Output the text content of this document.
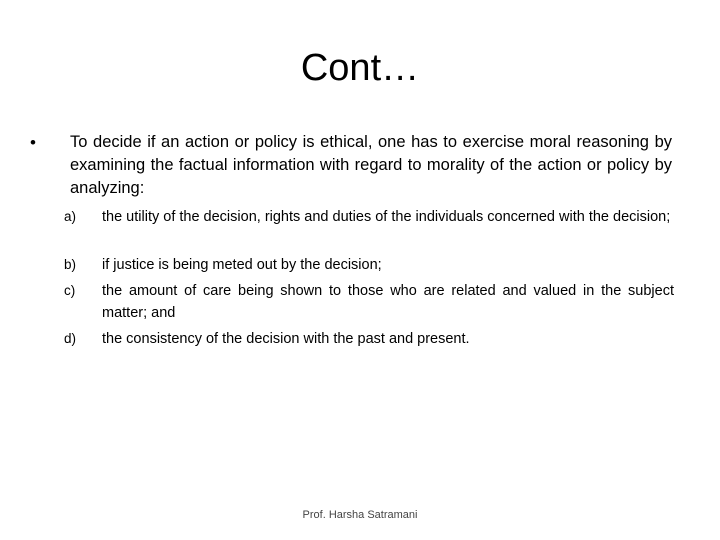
Cont…
• To decide if an action or policy is ethical, one has to exercise moral reasoning by examining the factual information with regard to morality of the action or policy by analyzing:
a) the utility of the decision, rights and duties of the individuals concerned with the decision;
b) if justice is being meted out by the decision;
c) the amount of care being shown to those who are related and valued in the subject matter; and
d) the consistency of the decision with the past and present.
Prof. Harsha Satramani
